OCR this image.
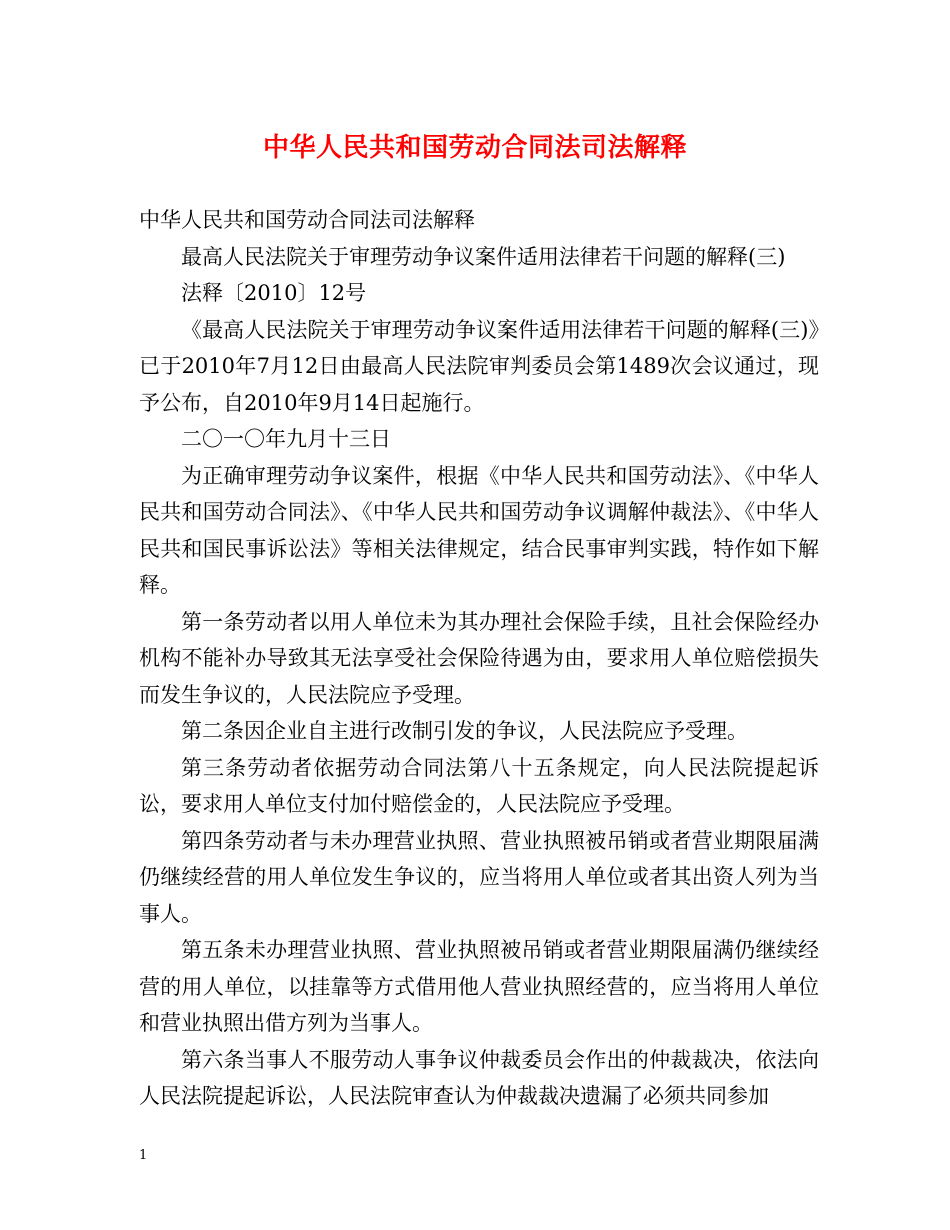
中华人民共和国劳动合同法司法解释

中华人民共和国劳动合同法司法解释

最高人民法院关于审理劳动争议案件适用法律若干问题的解释(三)

法释〔2010〕12号

《最高人民法院关于审理劳动争议案件适用法律若干问题的解释(三)》已于2010年7月12日由最高人民法院审判委员会第1489次会议通过，现予公布，自2010年9月14日起施行。

二〇一〇年九月十三日

为正确审理劳动争议案件，根据《中华人民共和国劳动法》、《中华人民共和国劳动合同法》、《中华人民共和国劳动争议调解仲裁法》、《中华人民共和国民事诉讼法》等相关法律规定，结合民事审判实践，特作如下解释。

第一条劳动者以用人单位未为其办理社会保险手续，且社会保险经办机构不能补办导致其无法享受社会保险待遇为由，要求用人单位赔偿损失而发生争议的，人民法院应予受理。

第二条因企业自主进行改制引发的争议，人民法院应予受理。

第三条劳动者依据劳动合同法第八十五条规定，向人民法院提起诉讼，要求用人单位支付加付赔偿金的，人民法院应予受理。

第四条劳动者与未办理营业执照、营业执照被吊销或者营业期限届满仍继续经营的用人单位发生争议的，应当将用人单位或者其出资人列为当事人。

第五条未办理营业执照、营业执照被吊销或者营业期限届满仍继续经营的用人单位，以挂靠等方式借用他人营业执照经营的，应当将用人单位和营业执照出借方列为当事人。

第六条当事人不服劳动人事争议仲裁委员会作出的仲裁裁决，依法向人民法院提起诉讼，人民法院审查认为仲裁裁决遗漏了必须共同参加

1
